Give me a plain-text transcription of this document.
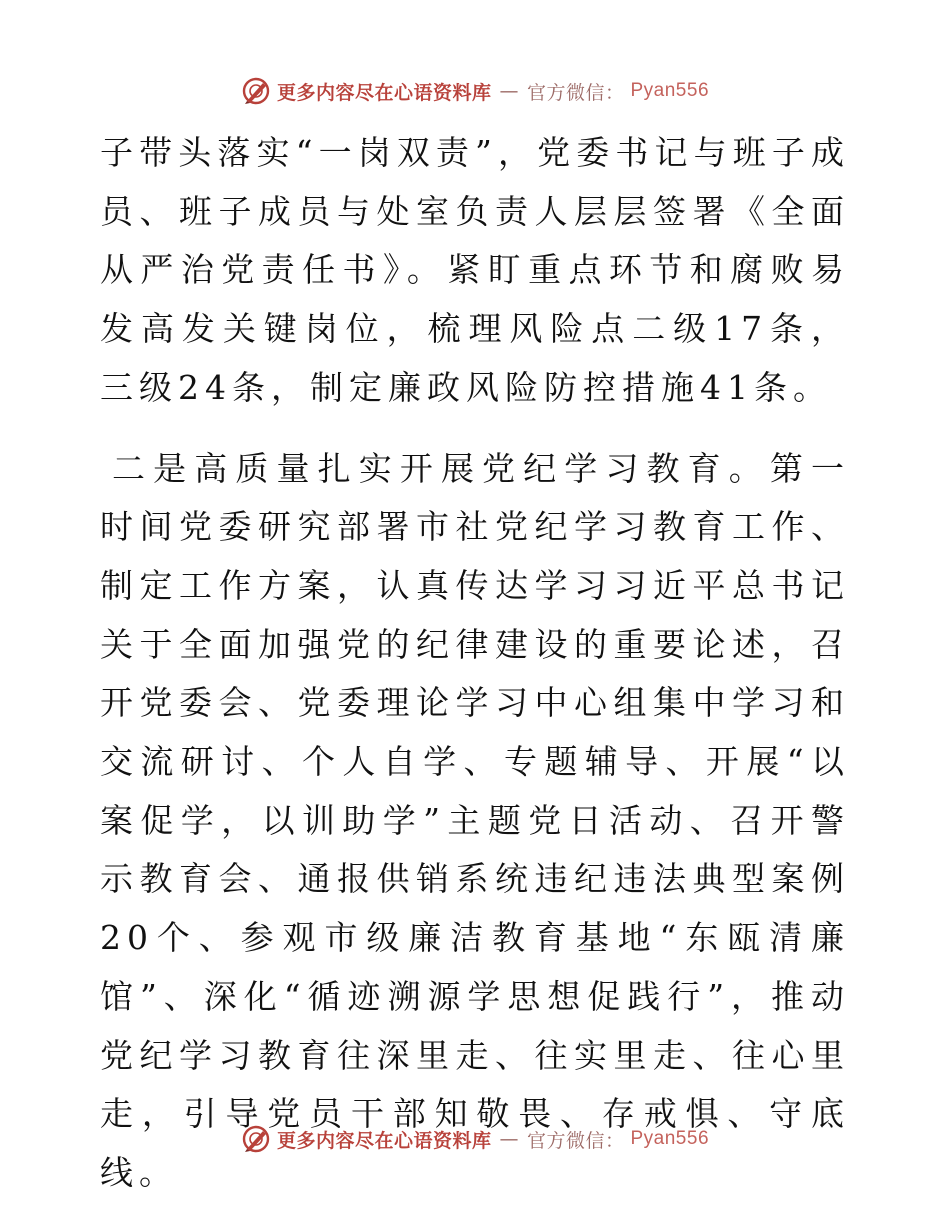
更多内容尽在心语资料库 — 官方微信： Pyan556

子带头落实“一岗双责”，党委书记与班子成员、班子成员与处室负责人层层签署《全面从严治党责任书》。紧盯重点环节和腐败易发高发关键岗位，梳理风险点二级17条，三级24条，制定廉政风险防控措施41条。

二是高质量扎实开展党纪学习教育。第一时间党委研究部署市社党纪学习教育工作、制定工作方案，认真传达学习习近平总书记关于全面加强党的纪律建设的重要论述，召开党委会、党委理论学习中心组集中学习和交流研讨、个人自学、专题辅导、开展“以案促学，以训助学”主题党日活动、召开警示教育会、通报供销系统违纪违法典型案例20个、参观市级廉洁教育基地“东瓯清廉馆”、深化“循迹溯源学思想促践行”，推动党纪学习教育往深里走、往实里走、往心里走，引导党员干部知敬畏、存戒惧、守底线。

更多内容尽在心语资料库 — 官方微信： Pyan556
